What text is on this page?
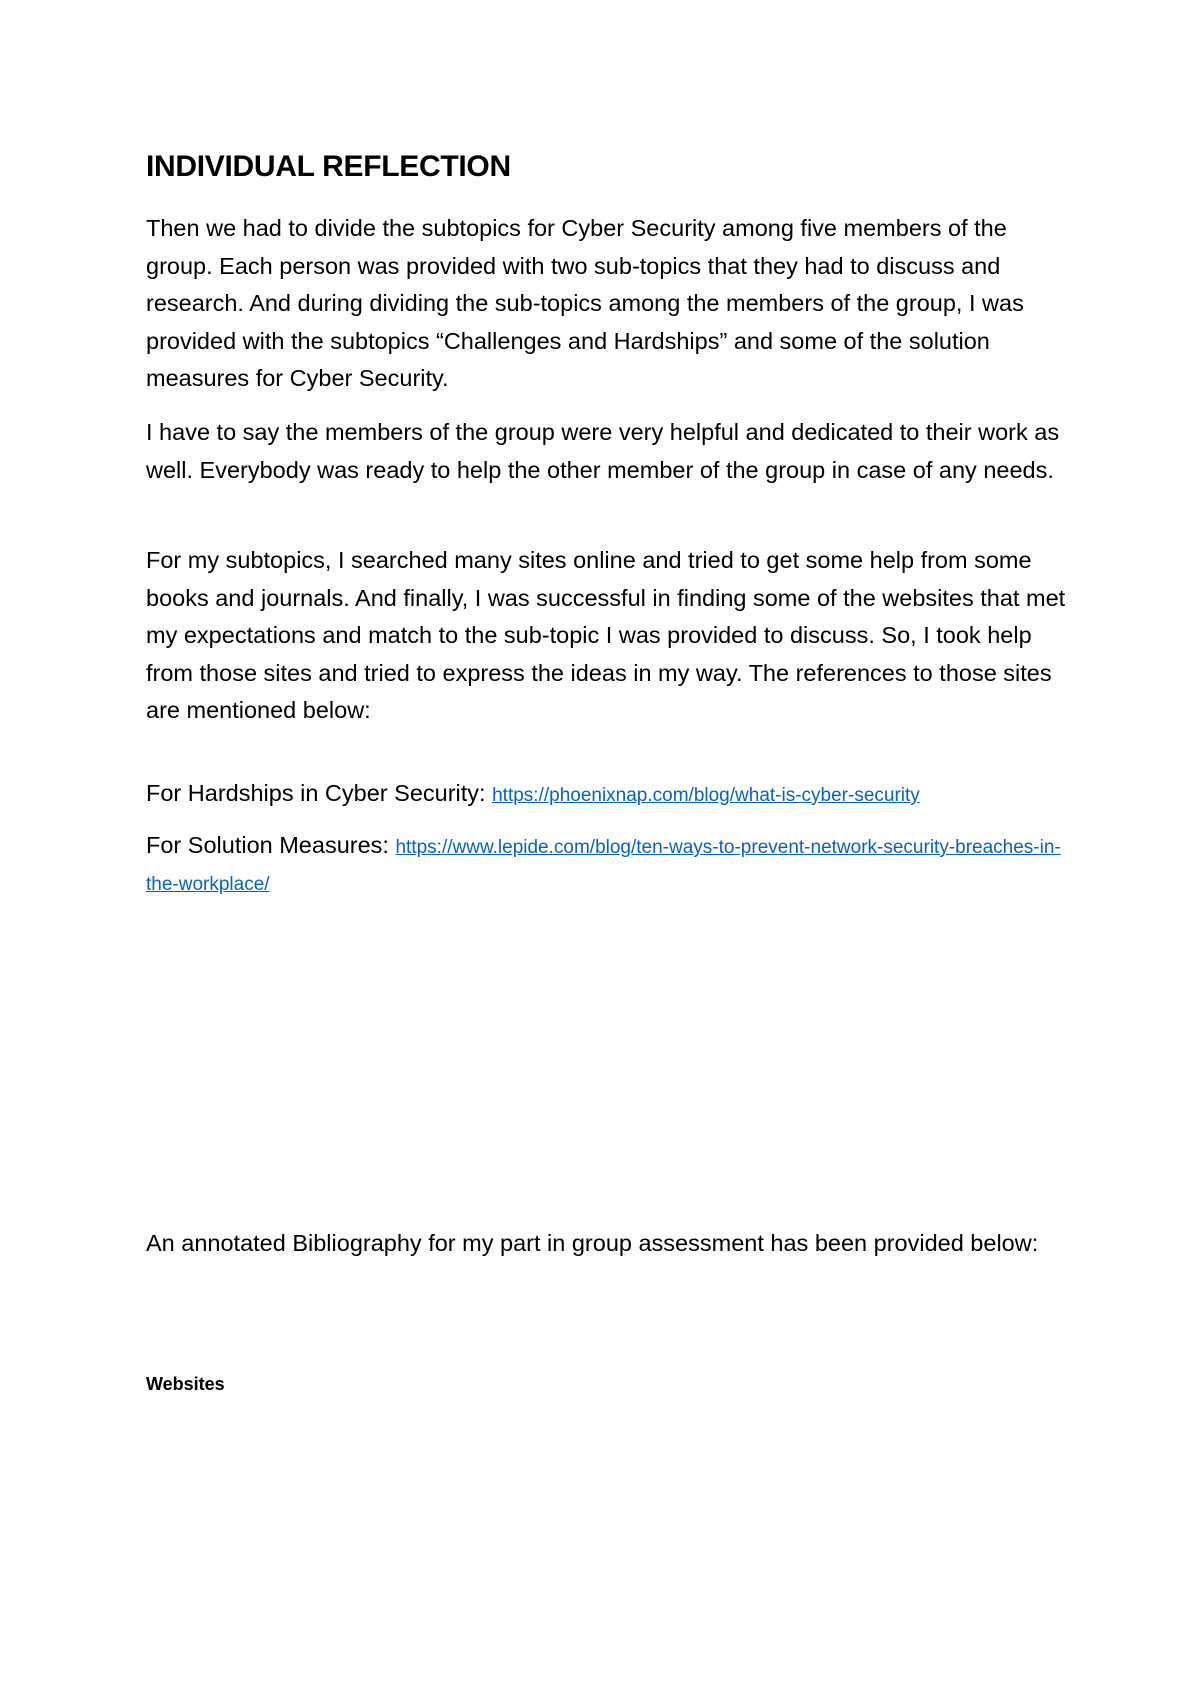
INDIVIDUAL REFLECTION

Then we had to divide the subtopics for Cyber Security among five members of the group. Each person was provided with two sub-topics that they had to discuss and research. And during dividing the sub-topics among the members of the group, I was provided with the subtopics “Challenges and Hardships” and some of the solution measures for Cyber Security.

I have to say the members of the group were very helpful and dedicated to their work as well. Everybody was ready to help the other member of the group in case of any needs.

For my subtopics, I searched many sites online and tried to get some help from some books and journals. And finally, I was successful in finding some of the websites that met my expectations and match to the sub-topic I was provided to discuss. So, I took help from those sites and tried to express the ideas in my way. The references to those sites are mentioned below:

For Hardships in Cyber Security: https://phoenixnap.com/blog/what-is-cyber-security

For Solution Measures: https://www.lepide.com/blog/ten-ways-to-prevent-network-security-breaches-in-the-workplace/

An annotated Bibliography for my part in group assessment has been provided below:

Websites
